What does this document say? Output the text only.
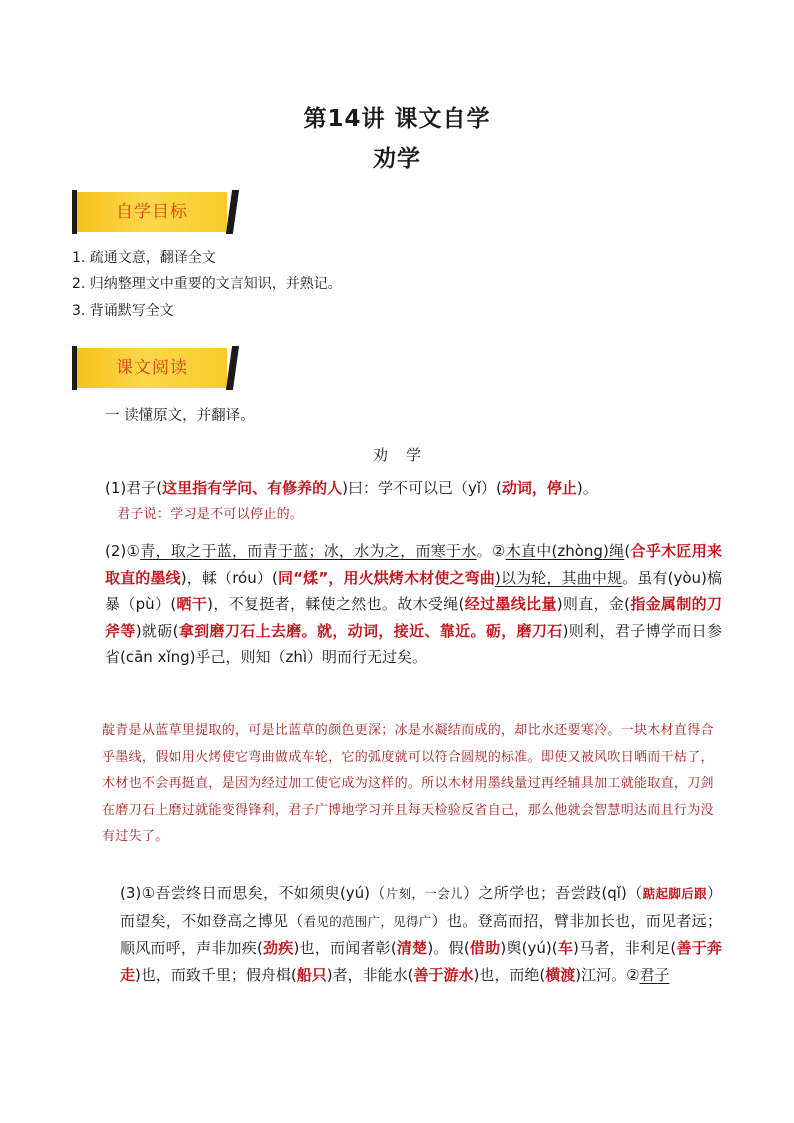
第14讲 课文自学
劝学
自学目标
1. 疏通文意，翻译全文
2. 归纳整理文中重要的文言知识，并熟记。
3. 背诵默写全文
课文阅读
一 读懂原文，并翻译。
劝学
(1)君子(这里指有学问、有修养的人)曰：学不可以已（yǐ）(动词，停止)。
君子说：学习是不可以停止的。
(2)①青，取之于蓝，而青于蓝；冰，水为之，而寒于水。②木直中(zhòng)绳(合乎木匠用来取直的墨线)，輮（róu）(同“煣”，用火烘烤木材使之弯曲)以为轮，其曲中规。虽有(yòu)槁暴（pù）(晒干)，不复挺者，輮使之然也。故木受绳(经过墨线比量)则直，金(指金属制的刀斧等)就砺(拿到磨刀石上去磨。就，动词，接近、靠近。砺，磨刀石)则利，君子博学而日参省(cān xǐng)乎己，则知（zhì）明而行无过矣。
靛青是从蓝草里提取的，可是比蓝草的颜色更深；冰是水凝结而成的，却比水还要寒冷。一块木材直得合乎墨线，假如用火烤使它弯曲做成车轮，它的弧度就可以符合圆规的标准。即使又被风吹日晒而干枯了，木材也不会再挺直，是因为经过加工使它成为这样的。所以木材用墨线量过再经辅具加工就能取直，刀剑在磨刀石上磨过就能变得锋利，君子广博地学习并且每天检验反省自己，那么他就会智慧明达而且行为没有过失了。
(3)①吾尝终日而思矣，不如须臾(yú)（片刻，一会儿）之所学也；吾尝跂(qǐ)（踮起脚后跟）而望矣，不如登高之博见（看见的范围广，见得广）也。登高而招，臂非加长也，而见者远；顺风而呼，声非加疾(劲疾)也，而闻者彰(清楚)。假(借助)舆(yú)(车)马者，非利足(善于奔走)也，而致千里；假舟楫(船只)者，非能水(善于游水)也，而绝(横渡)江河。②君子
